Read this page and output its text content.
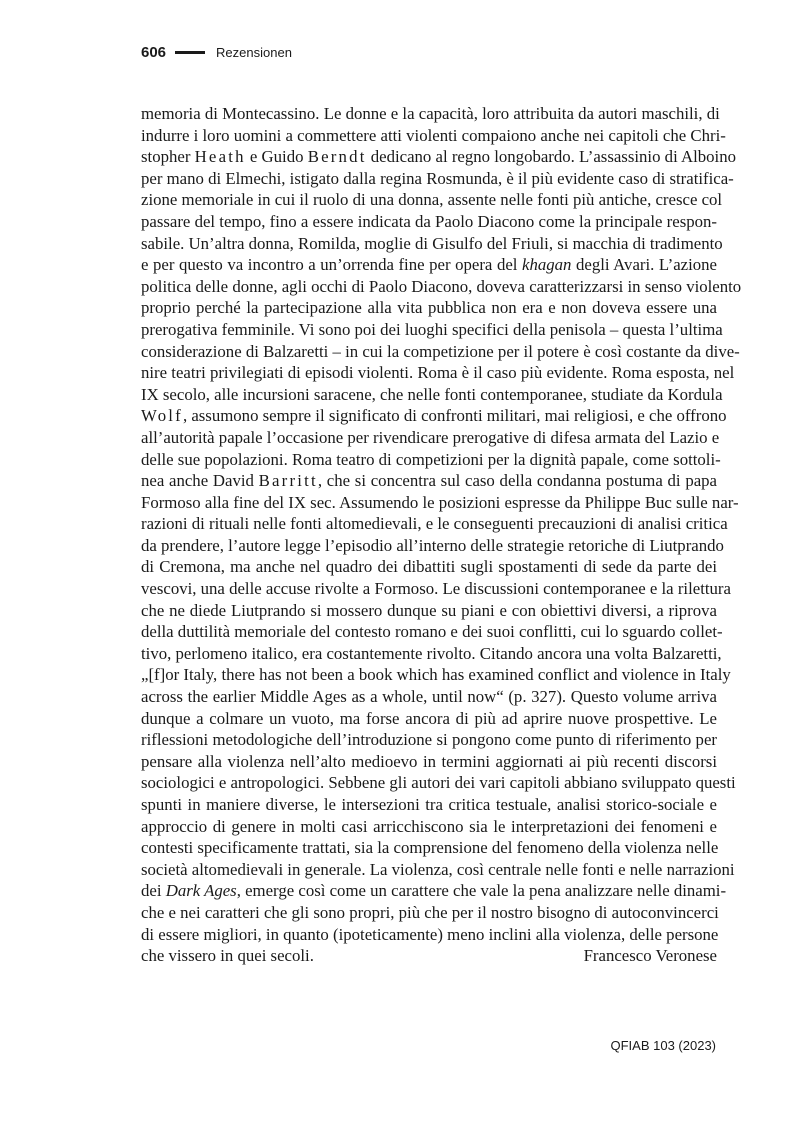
606	Rezensionen
memoria di Montecassino. Le donne e la capacità, loro attribuita da autori maschili, di
indurre i loro uomini a commettere atti violenti compaiono anche nei capitoli che Chri-
stopher Heath e Guido Berndt dedicano al regno longobardo. L’assassinio di Alboino
per mano di Elmechi, istigato dalla regina Rosmunda, è il più evidente caso di stratifica-
zione memoriale in cui il ruolo di una donna, assente nelle fonti più antiche, cresce col
passare del tempo, fino a essere indicata da Paolo Diacono come la principale respon-
sabile. Un’altra donna, Romilda, moglie di Gisulfo del Friuli, si macchia di tradimento
e per questo va incontro a un’orrenda fine per opera del khagan degli Avari. L’azione
politica delle donne, agli occhi di Paolo Diacono, doveva caratterizzarsi in senso violento
proprio perché la partecipazione alla vita pubblica non era e non doveva essere una
prerogativa femminile. Vi sono poi dei luoghi specifici della penisola – questa l’ultima
considerazione di Balzaretti – in cui la competizione per il potere è così costante da dive-
nire teatri privilegiati di episodi violenti. Roma è il caso più evidente. Roma esposta, nel
IX secolo, alle incursioni saracene, che nelle fonti contemporanee, studiate da Kordula
Wolf, assumono sempre il significato di confronti militari, mai religiosi, e che offrono
all’autorità papale l’occasione per rivendicare prerogative di difesa armata del Lazio e
delle sue popolazioni. Roma teatro di competizioni per la dignità papale, come sottoli-
nea anche David Barritt, che si concentra sul caso della condanna postuma di papa
Formoso alla fine del IX sec. Assumendo le posizioni espresse da Philippe Buc sulle nar-
razioni di rituali nelle fonti altomedievali, e le conseguenti precauzioni di analisi critica
da prendere, l’autore legge l’episodio all’interno delle strategie retoriche di Liutprando
di Cremona, ma anche nel quadro dei dibattiti sugli spostamenti di sede da parte dei
vescovi, una delle accuse rivolte a Formoso. Le discussioni contemporanee e la rilettura
che ne diede Liutprando si mossero dunque su piani e con obiettivi diversi, a riprova
della duttilità memoriale del contesto romano e dei suoi conflitti, cui lo sguardo collet-
tivo, perlomeno italico, era costantemente rivolto. Citando ancora una volta Balzaretti,
„[f]or Italy, there has not been a book which has examined conflict and violence in Italy
across the earlier Middle Ages as a whole, until now“ (p. 327). Questo volume arriva
dunque a colmare un vuoto, ma forse ancora di più ad aprire nuove prospettive. Le
riflessioni metodologiche dell’introduzione si pongono come punto di riferimento per
pensare alla violenza nell’alto medioevo in termini aggiornati ai più recenti discorsi
sociologici e antropologici. Sebbene gli autori dei vari capitoli abbiano sviluppato questi
spunti in maniere diverse, le intersezioni tra critica testuale, analisi storico-sociale e
approccio di genere in molti casi arricchiscono sia le interpretazioni dei fenomeni e
contesti specificamente trattati, sia la comprensione del fenomeno della violenza nelle
società altomedievali in generale. La violenza, così centrale nelle fonti e nelle narrazioni
dei Dark Ages, emerge così come un carattere che vale la pena analizzare nelle dinami-
che e nei caratteri che gli sono propri, più che per il nostro bisogno di autoconvincerci
di essere migliori, in quanto (ipoteticamente) meno inclini alla violenza, delle persone
che vissero in quei secoli.	Francesco Veronese
QFIAB 103 (2023)
